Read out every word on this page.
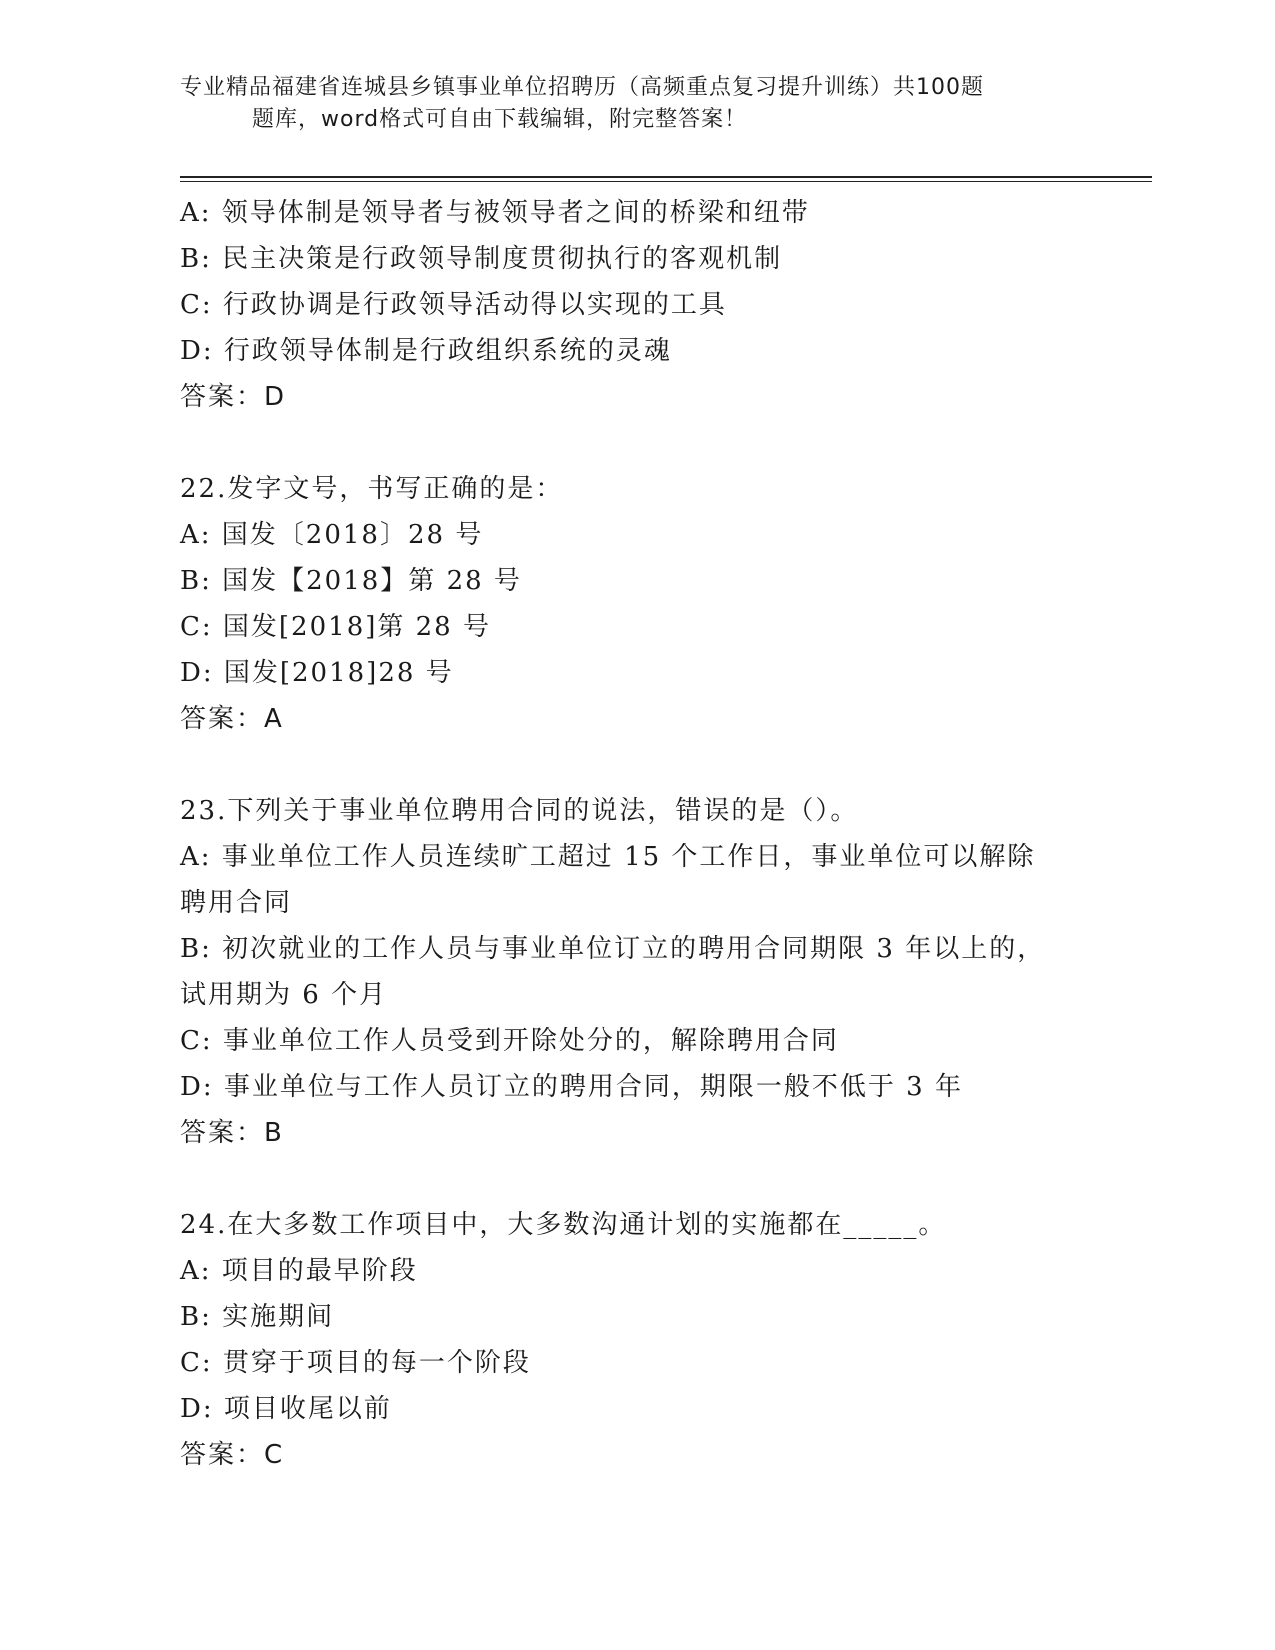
专业精品福建省连城县乡镇事业单位招聘历（高频重点复习提升训练）共100题
题库，word格式可自由下载编辑，附完整答案！
A: 领导体制是领导者与被领导者之间的桥梁和纽带
B: 民主决策是行政领导制度贯彻执行的客观机制
C: 行政协调是行政领导活动得以实现的工具
D: 行政领导体制是行政组织系统的灵魂
答案：D
22.发字文号，书写正确的是：
A: 国发〔2018〕28 号
B: 国发【2018】第 28 号
C: 国发[2018]第 28 号
D: 国发[2018]28 号
答案：A
23.下列关于事业单位聘用合同的说法，错误的是（）。
A: 事业单位工作人员连续旷工超过 15 个工作日，事业单位可以解除
聘用合同
B: 初次就业的工作人员与事业单位订立的聘用合同期限 3 年以上的，
试用期为 6 个月
C: 事业单位工作人员受到开除处分的，解除聘用合同
D: 事业单位与工作人员订立的聘用合同，期限一般不低于 3 年
答案：B
24.在大多数工作项目中，大多数沟通计划的实施都在_____。
A: 项目的最早阶段
B: 实施期间
C: 贯穿于项目的每一个阶段
D: 项目收尾以前
答案：C
